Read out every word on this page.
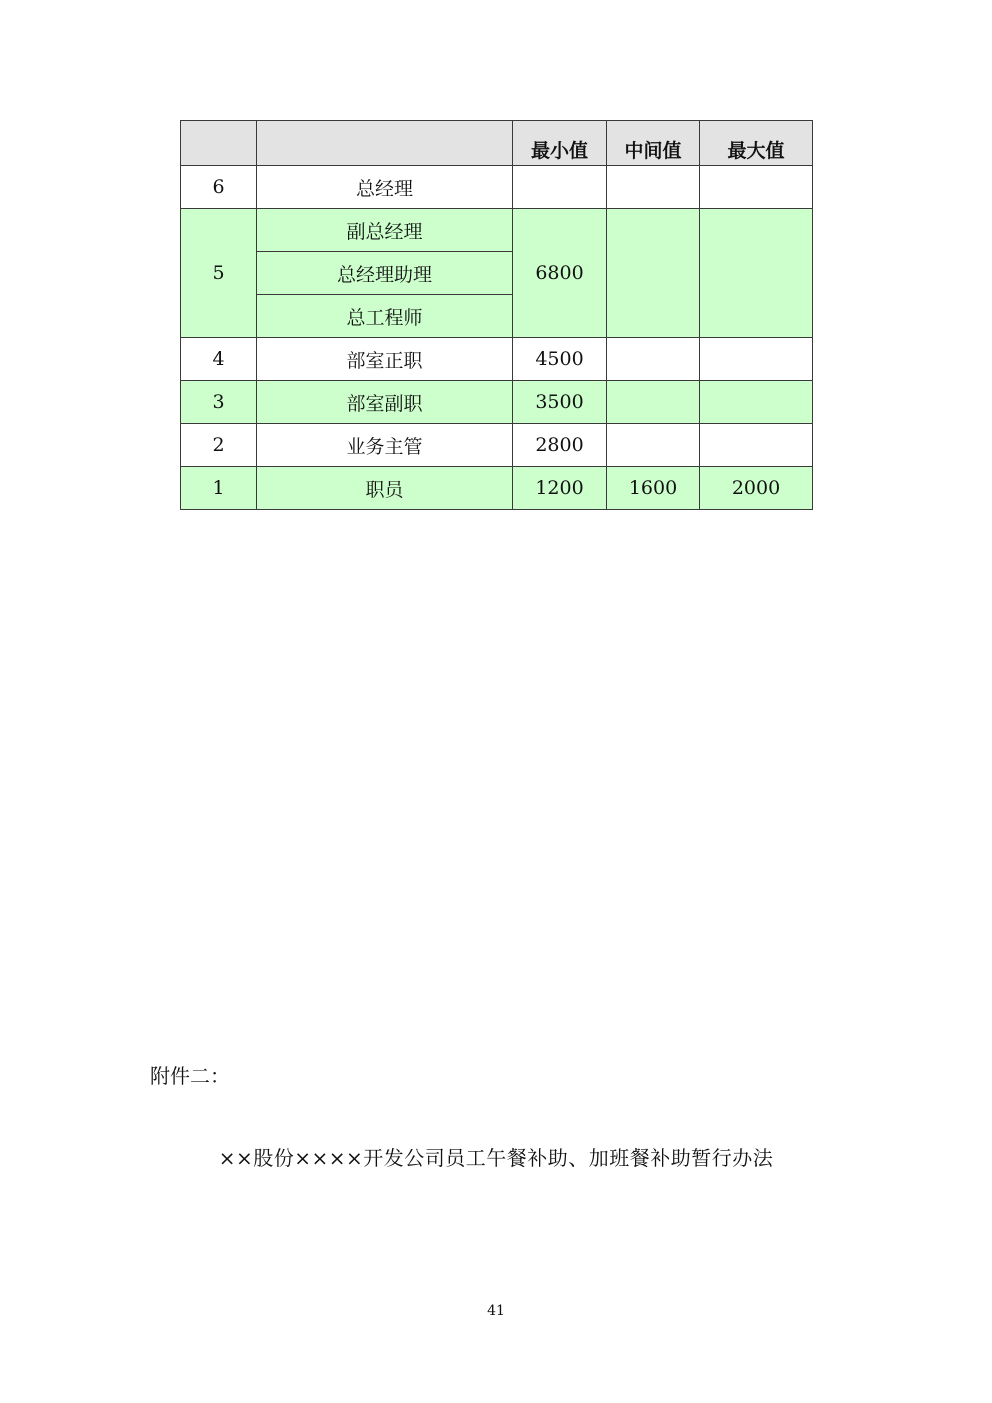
		最小值	中间值	最大值
6	总经理			
5	副总经理	6800		
	总经理助理			
	总工程师			
4	部室正职	4500		
3	部室副职	3500		
2	业务主管	2800		
1	职员	1200	1600	2000
附件二：
××股份××××开发公司员工午餐补助、加班餐补助暂行办法
41
